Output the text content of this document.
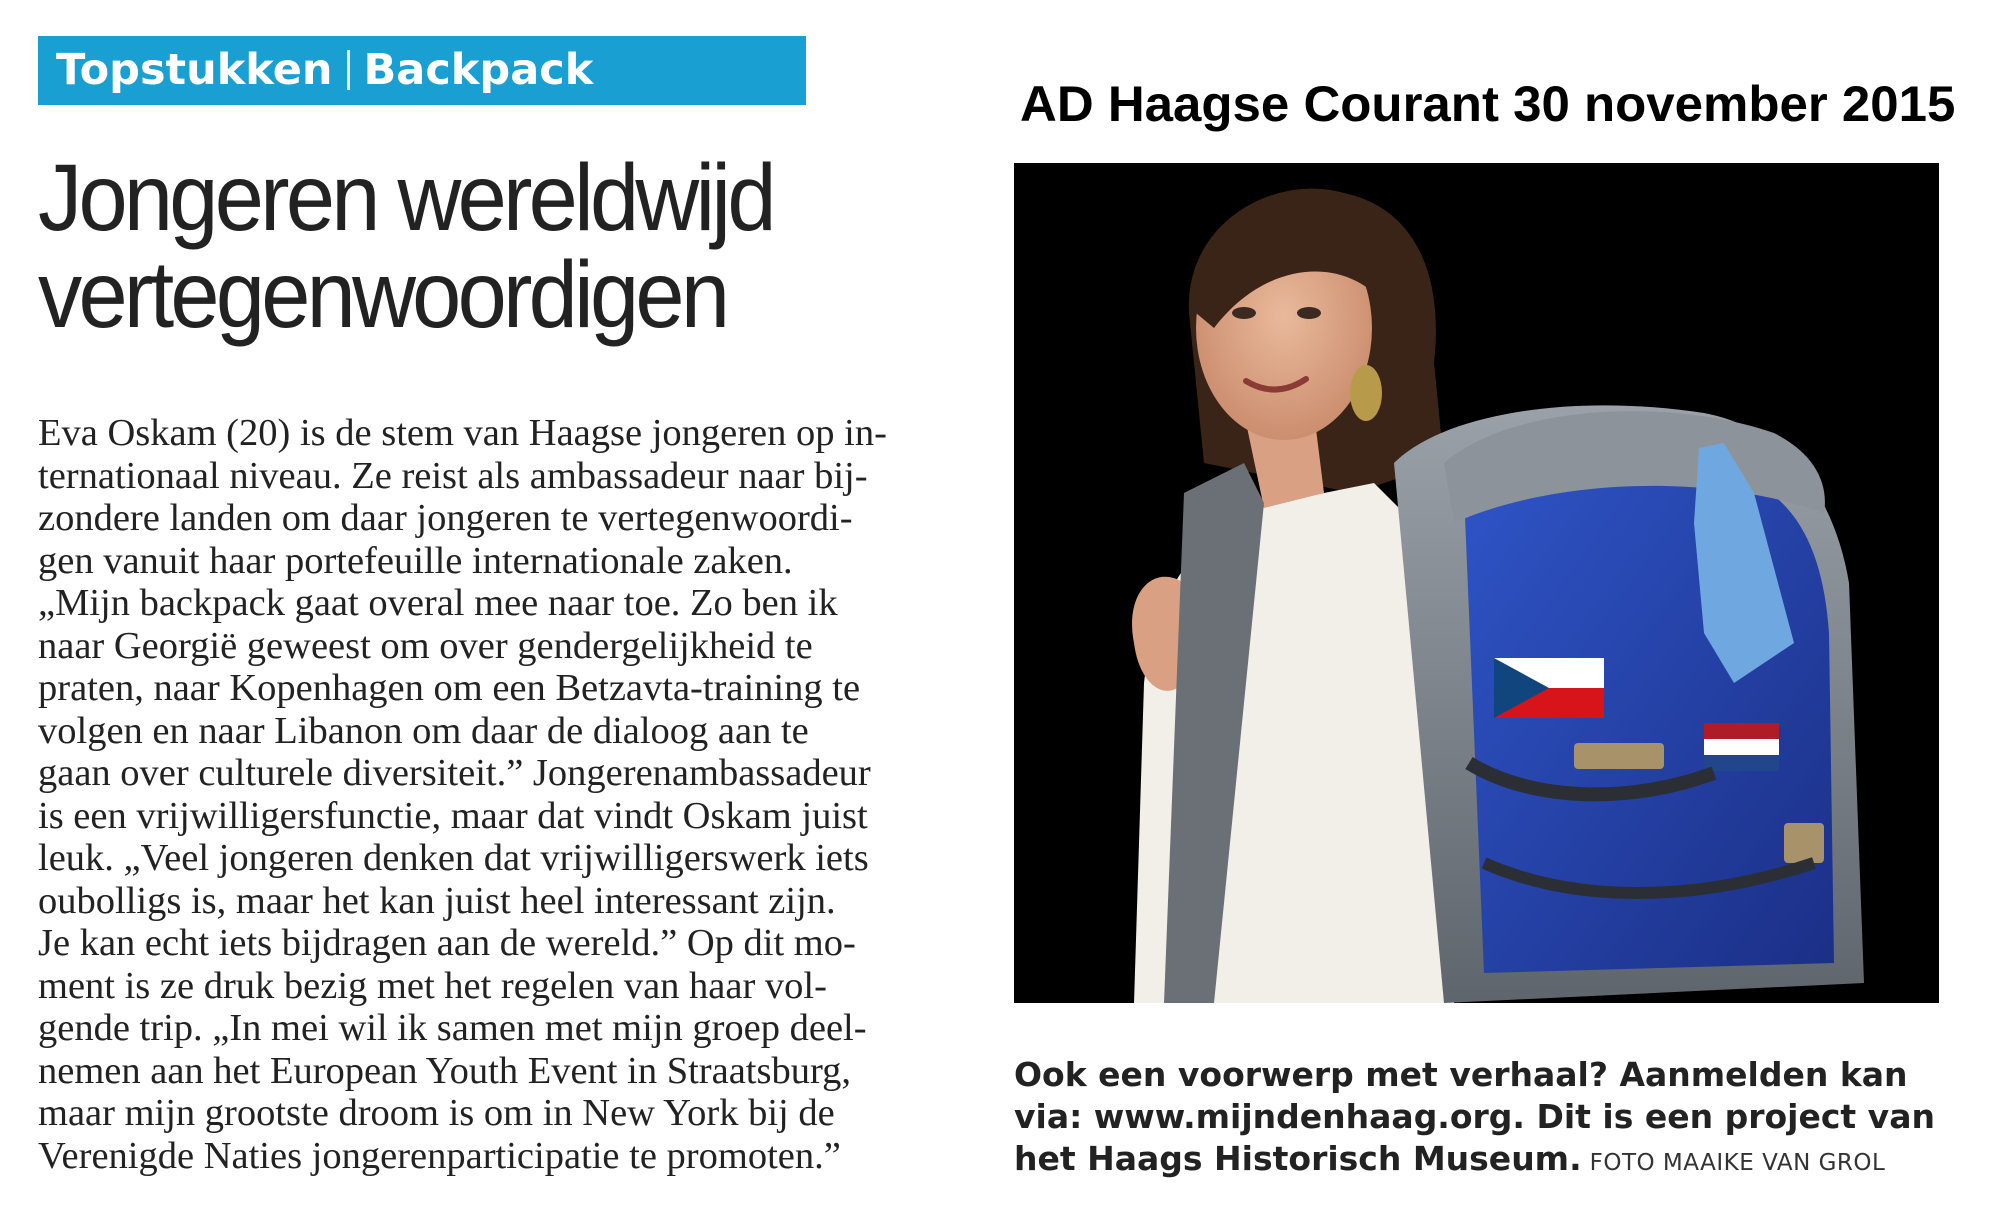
Topstukken Backpack
AD Haagse Courant 30 november 2015
Jongeren wereldwijd
vertegenwoordigen
Eva Oskam (20) is de stem van Haagse jongeren op in-
ternationaal niveau. Ze reist als ambassadeur naar bij-
zondere landen om daar jongeren te vertegenwoordi-
gen vanuit haar portefeuille internationale zaken.
„Mijn backpack gaat overal mee naar toe. Zo ben ik
naar Georgië geweest om over gendergelijkheid te
praten, naar Kopenhagen om een Betzavta-training te
volgen en naar Libanon om daar de dialoog aan te
gaan over culturele diversiteit.” Jongerenambassadeur
is een vrijwilligersfunctie, maar dat vindt Oskam juist
leuk. „Veel jongeren denken dat vrijwilligerswerk iets
oubolligs is, maar het kan juist heel interessant zijn.
Je kan echt iets bijdragen aan de wereld.” Op dit mo-
ment is ze druk bezig met het regelen van haar vol-
gende trip. „In mei wil ik samen met mijn groep deel-
nemen aan het European Youth Event in Straatsburg,
maar mijn grootste droom is om in New York bij de
Verenigde Naties jongerenparticipatie te promoten.”
Ook een voorwerp met verhaal? Aanmelden kan
via: www.mijndenhaag.org. Dit is een project van
het Haags Historisch Museum. FOTO MAAIKE VAN GROL
